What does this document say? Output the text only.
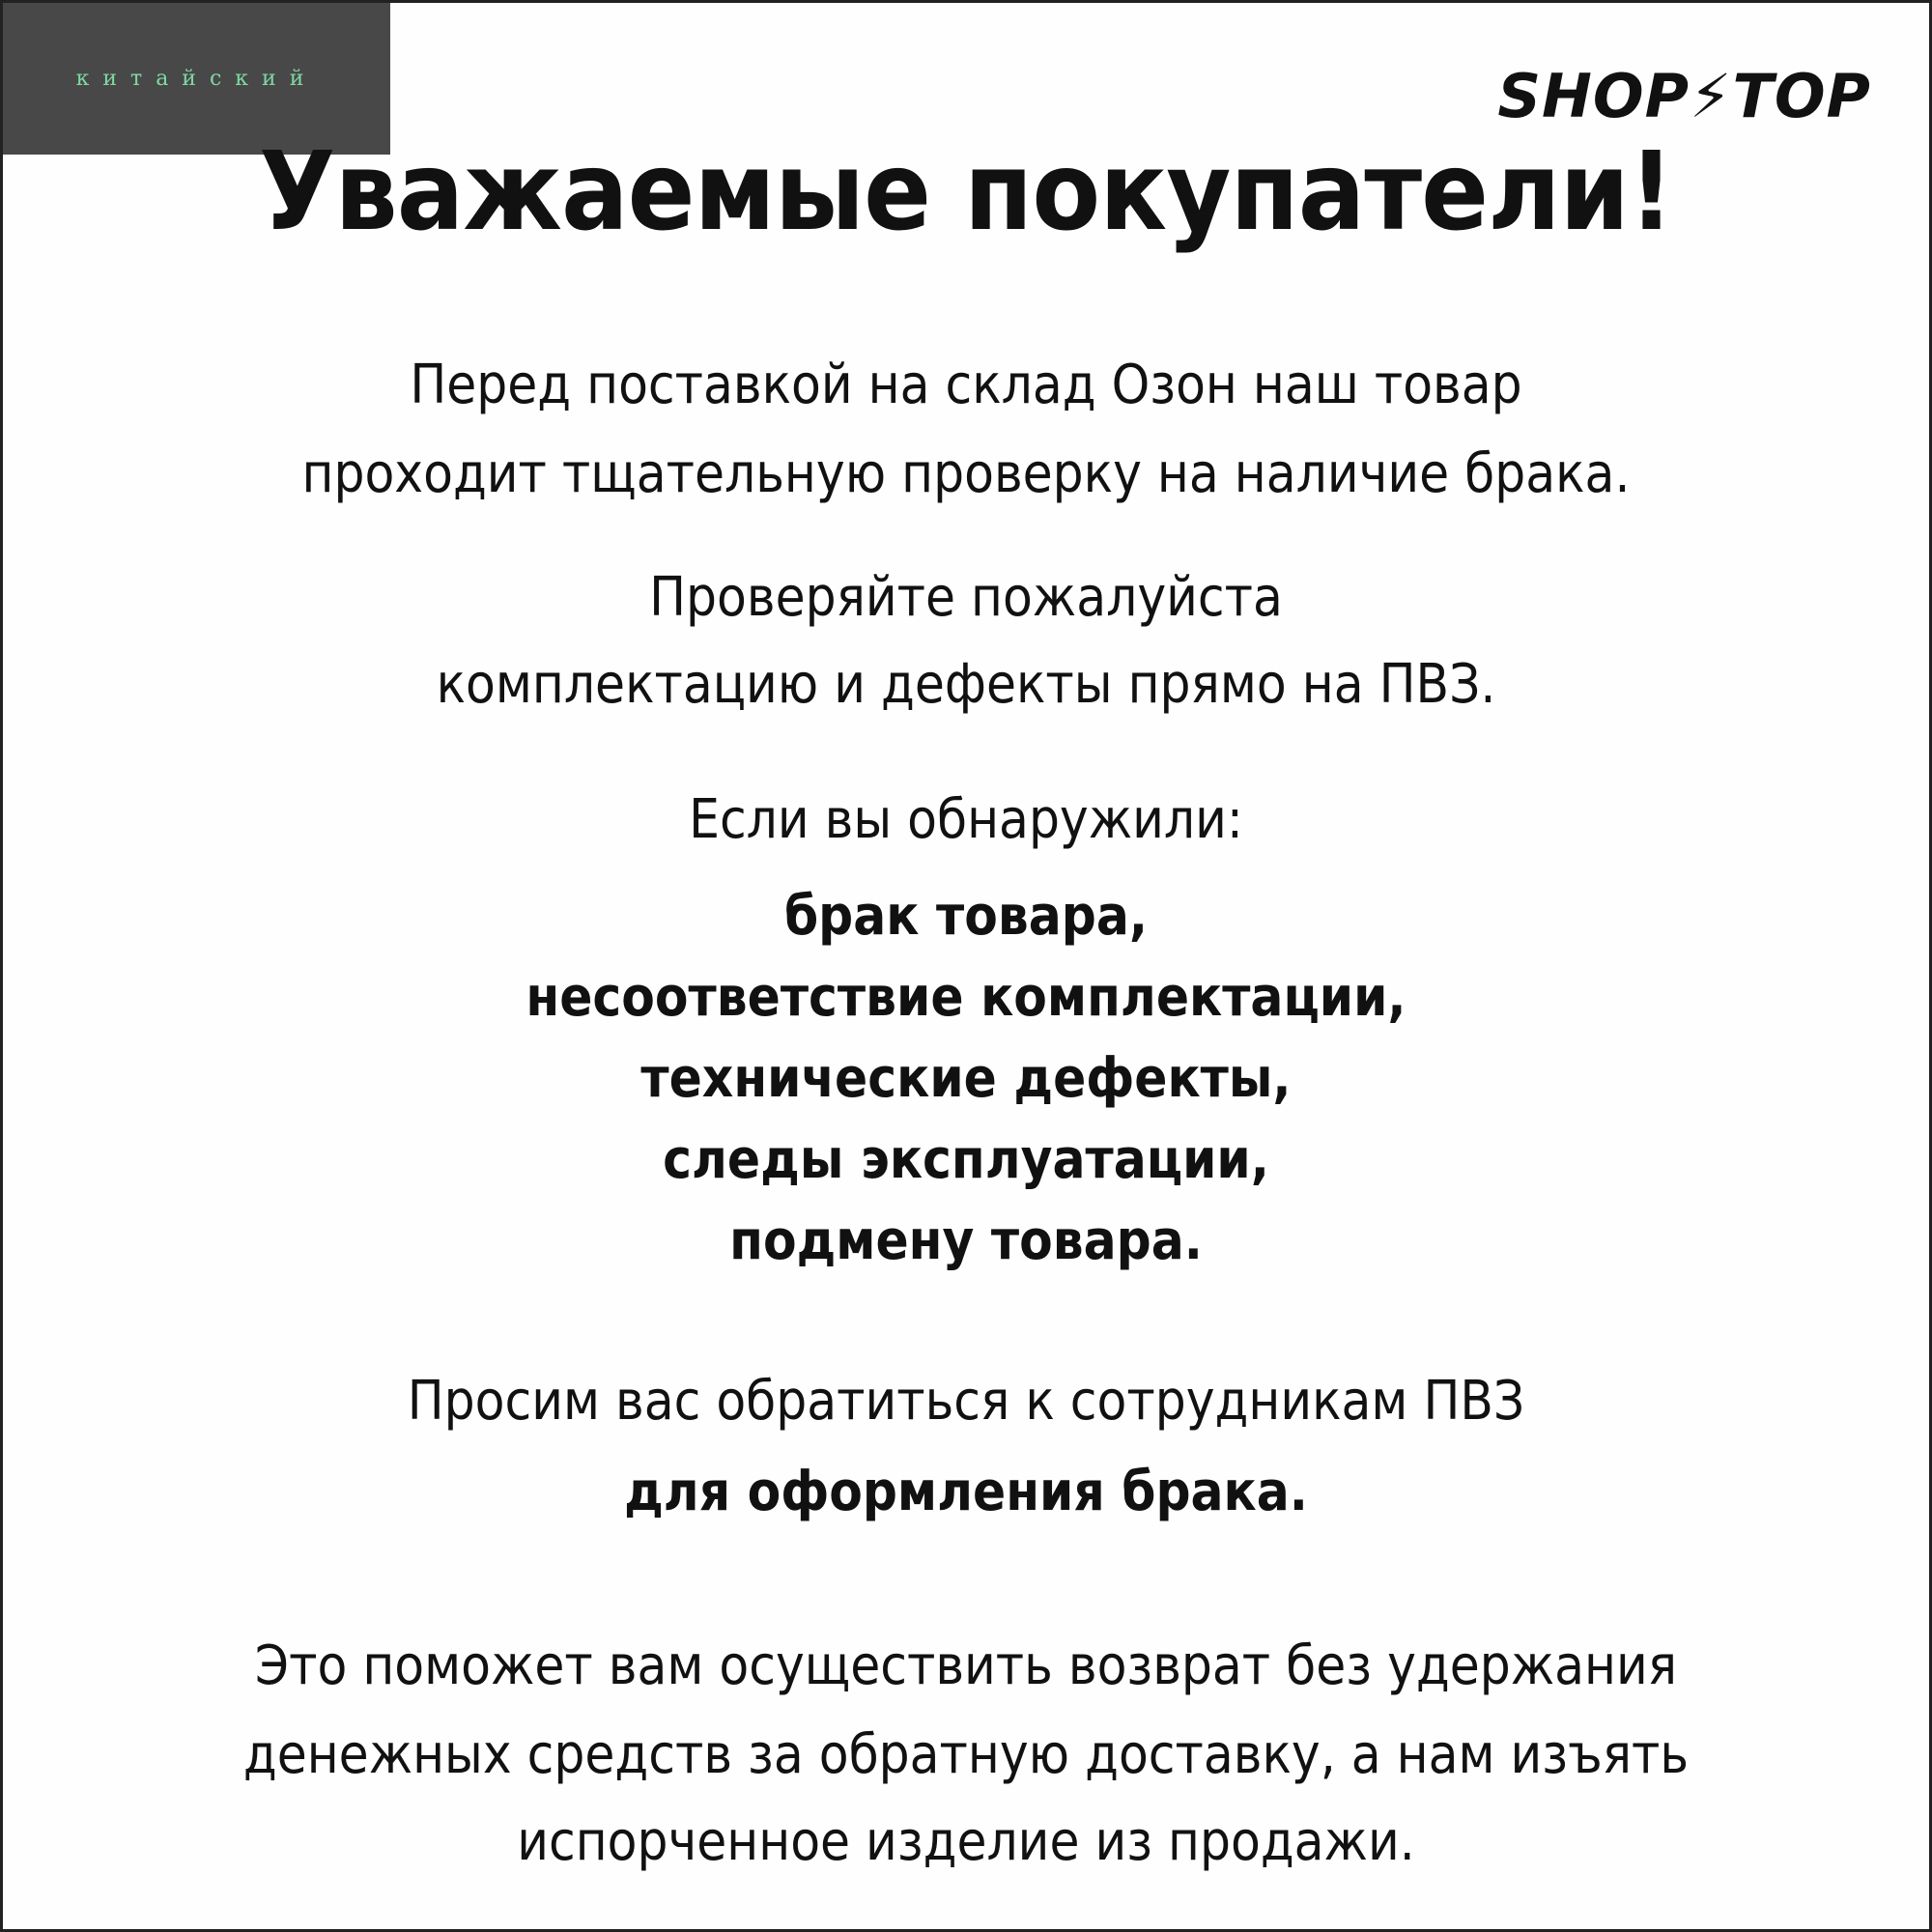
китайский	SHOP⚡TOP
Уважаемые покупатели!
Перед поставкой на склад Озон наш товар
проходит тщательную проверку на наличие брака.
Проверяйте пожалуйста
комплектацию и дефекты прямо на ПВЗ.
Если вы обнаружили:
брак товара,
несоответствие комплектации,
технические дефекты,
следы эксплуатации,
подмену товара.
Просим вас обратиться к сотрудникам ПВЗ
для оформления брака.
Это поможет вам осуществить возврат без удержания
денежных средств за обратную доставку, а нам изъять
испорченное изделие из продажи.
